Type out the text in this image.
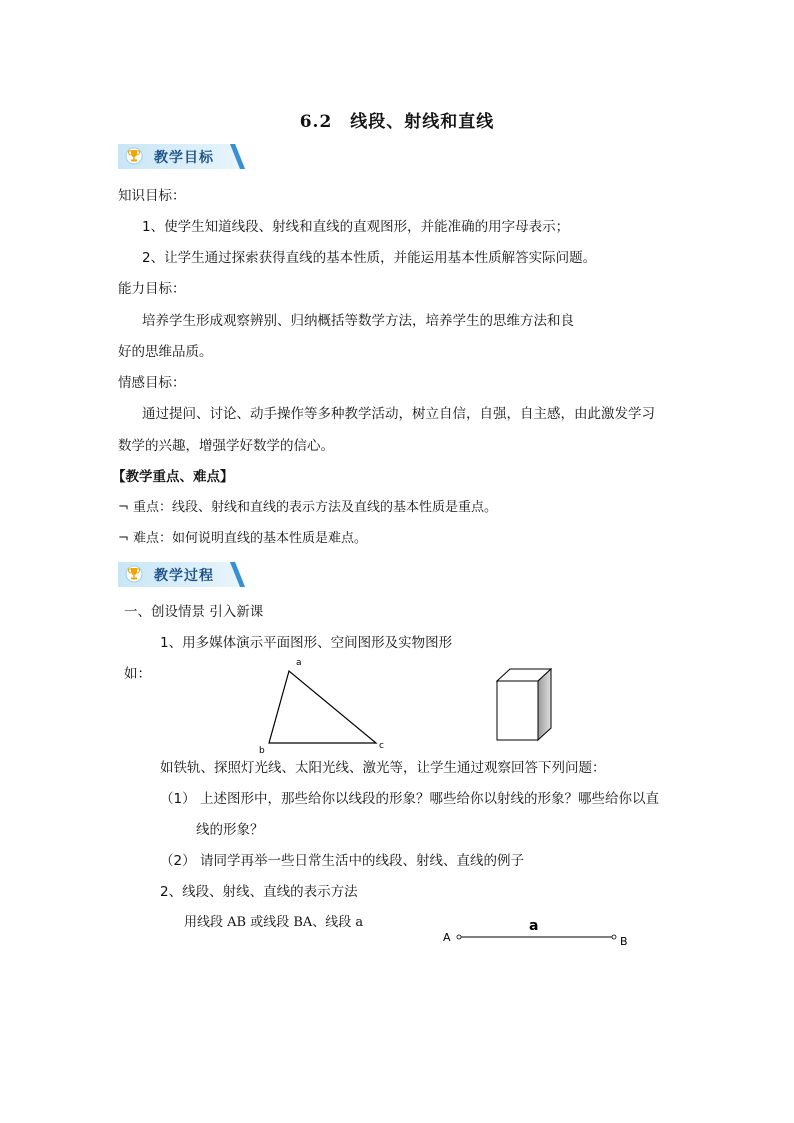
6.2　线段、射线和直线
教学目标
知识目标：
1、使学生知道线段、射线和直线的直观图形，并能准确的用字母表示；
2、让学生通过探索获得直线的基本性质，并能运用基本性质解答实际问题。
能力目标：
培养学生形成观察辨别、归纳概括等数学方法，培养学生的思维方法和良
好的思维品质。
情感目标：
通过提问、讨论、动手操作等多种教学活动，树立自信，自强，自主感，由此激发学习
数学的兴趣，增强学好数学的信心。
【教学重点、难点】
¬ 重点：线段、射线和直线的表示方法及直线的基本性质是重点。
¬ 难点：如何说明直线的基本性质是难点。
教学过程
一、创设情景 引入新课
1、用多媒体演示平面图形、空间图形及实物图形
如：
a
b	c
如铁轨、探照灯光线、太阳光线、激光等，让学生通过观察回答下列问题：
（1） 上述图形中，那些给你以线段的形象？哪些给你以射线的形象？哪些给你以直
线的形象？
（2） 请同学再举一些日常生活中的线段、射线、直线的例子
2、线段、射线、直线的表示方法
用线段 AB 或线段 BA、线段 a
A	B
a
